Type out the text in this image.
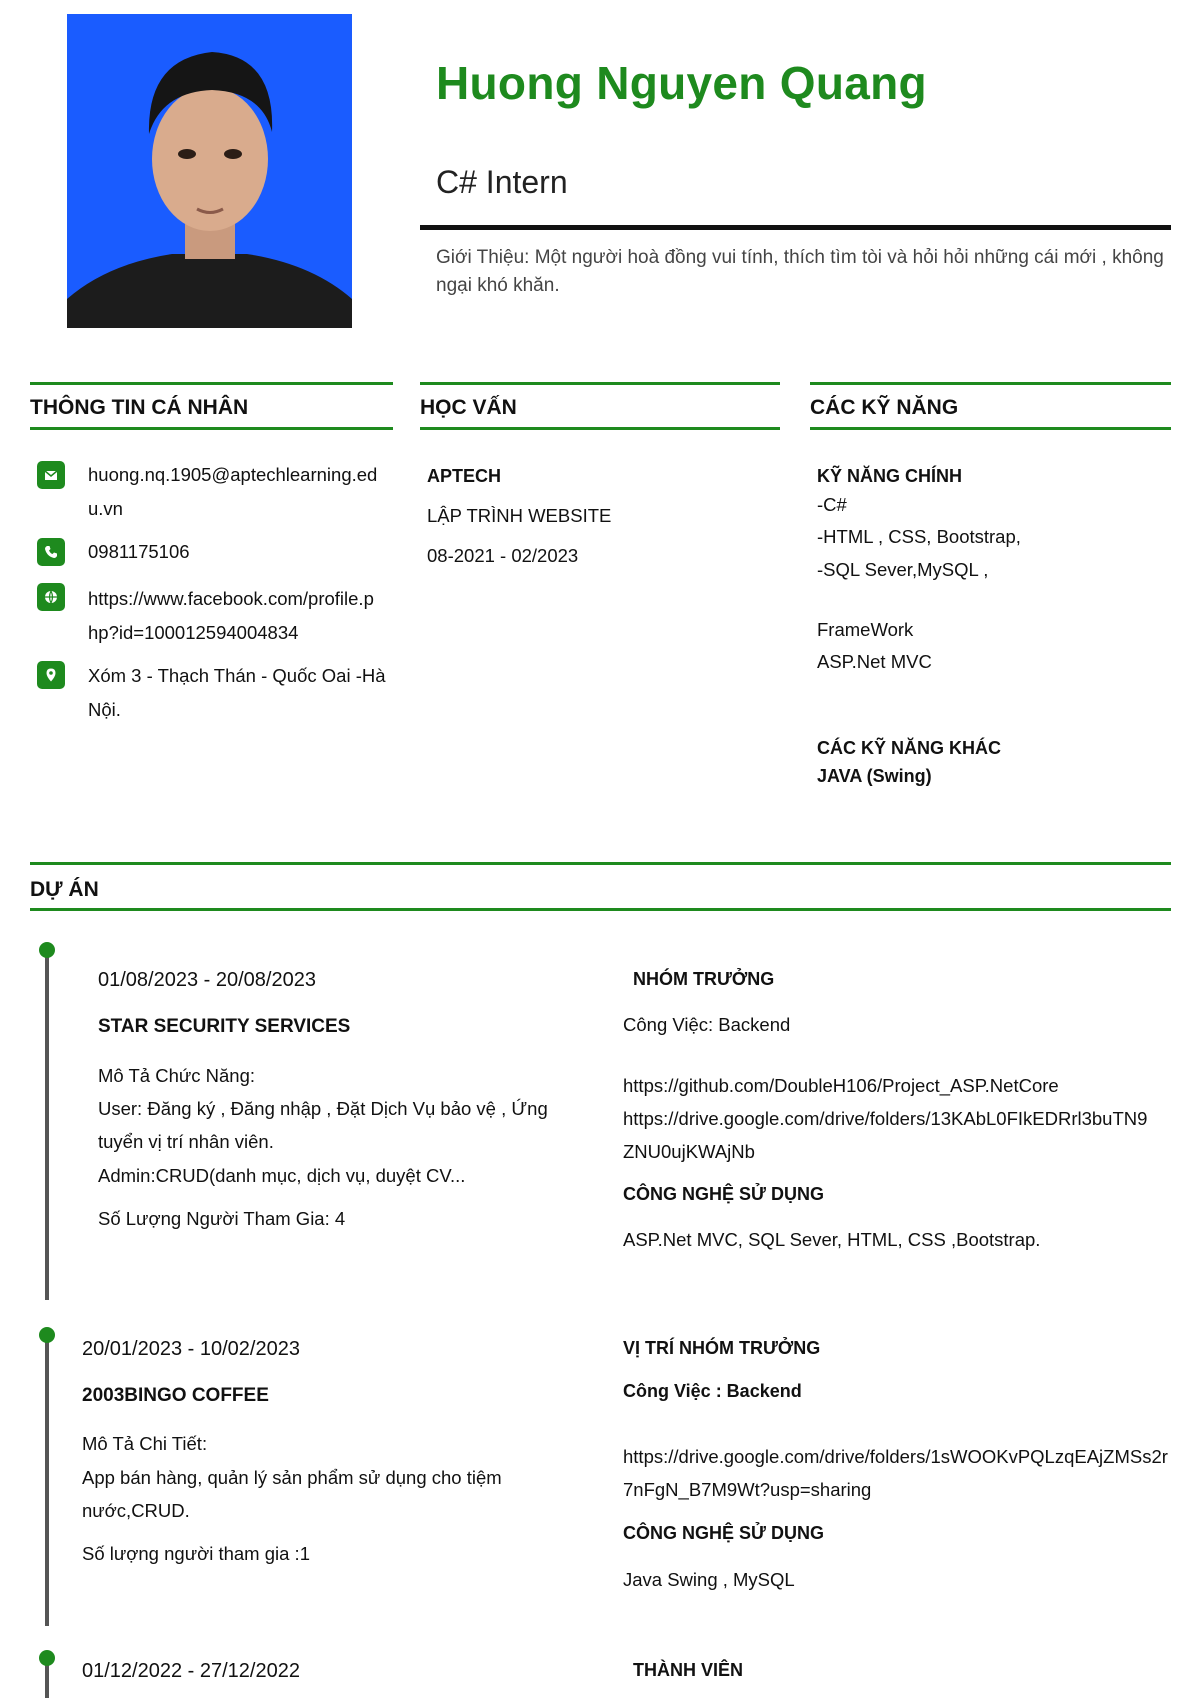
Huong Nguyen Quang
C# Intern
Giới Thiệu: Một người hoà đồng vui tính, thích tìm tòi và hỏi hỏi những cái mới , không ngại khó khăn.
THÔNG TIN CÁ NHÂN
huong.nq.1905@aptechlearning.edu.vn
0981175106
https://www.facebook.com/profile.php?id=100012594004834
Xóm 3 - Thạch Thán - Quốc Oai -Hà Nội.
HỌC VẤN
APTECH
LẬP TRÌNH WEBSITE
08-2021 - 02/2023
CÁC KỸ NĂNG
KỸ NĂNG CHÍNH
-C#
-HTML , CSS, Bootstrap,
-SQL Sever,MySQL ,
FrameWork
ASP.Net MVC
CÁC KỸ NĂNG KHÁC
JAVA (Swing)
DỰ ÁN
01/08/2023 - 20/08/2023
STAR SECURITY SERVICES
Mô Tả Chức Năng:
User: Đăng ký , Đăng nhập , Đặt Dịch Vụ bảo vệ , Ứng tuyển vị trí nhân viên.
Admin:CRUD(danh mục, dịch vụ, duyệt CV...
Số Lượng Người Tham Gia: 4
NHÓM TRƯỞNG
Công Việc: Backend
https://github.com/DoubleH106/Project_ASP.NetCore
https://drive.google.com/drive/folders/13KAbL0FIkEDRrl3buTN9ZNU0ujKWAjNb
CÔNG NGHỆ SỬ DỤNG
ASP.Net MVC, SQL Sever, HTML, CSS ,Bootstrap.
20/01/2023 - 10/02/2023
2003BINGO COFFEE
Mô Tả Chi Tiết:
App bán hàng, quản lý sản phẩm sử dụng cho tiệm nước,CRUD.
Số lượng người tham gia :1
VỊ TRÍ NHÓM TRƯỞNG
Công Việc : Backend
https://drive.google.com/drive/folders/1sWOOKvPQLzqEAjZMSs2r7nFgN_B7M9Wt?usp=sharing
CÔNG NGHỆ SỬ DỤNG
Java Swing , MySQL
01/12/2022 - 27/12/2022	THÀNH VIÊN
